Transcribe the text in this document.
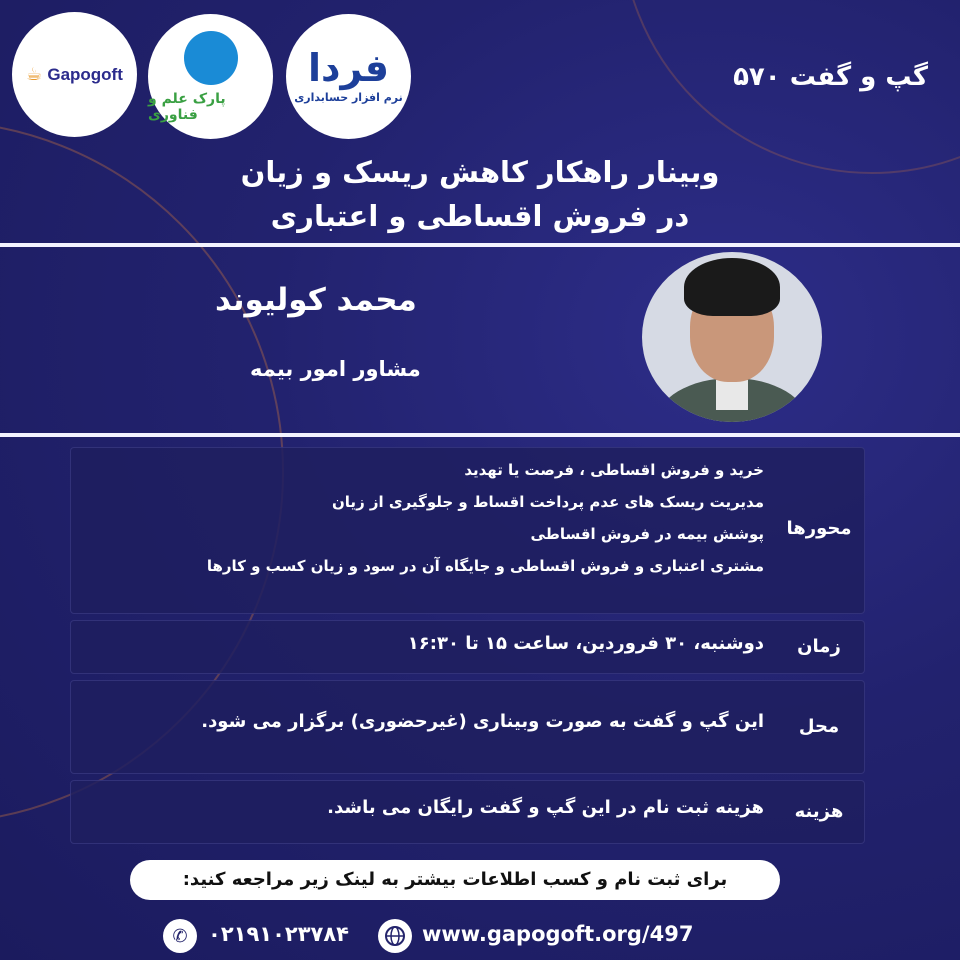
☕ Gapogoft
پارک علم و فناوری
فردا
نرم افزار حسابداری
گپ و گفت ۵۷۰
وبینار راهکار کاهش ریسک و زیان
در فروش اقساطی و اعتباری
محمد کولیوند
مشاور امور بیمه
محورها
خرید و فروش اقساطی ، فرصت یا تهدید
مدیریت ریسک های عدم پرداخت اقساط و جلوگیری از زیان
پوشش بیمه در فروش اقساطی
مشتری اعتباری و فروش اقساطی و جایگاه آن در سود و زیان کسب و کارها
زمان
دوشنبه، ۳۰ فروردین، ساعت ۱۵ تا ۱۶:۳۰
محل
این گپ و گفت به صورت وبیناری (غیرحضوری) برگزار می شود.
هزینه
هزینه ثبت نام در این گپ و گفت رایگان می باشد.
برای ثبت نام و کسب اطلاعات بیشتر به لینک زیر مراجعه کنید:
✆ ۰۲۱۹۱۰۲۳۷۸۴	www.gapogoft.org/497
